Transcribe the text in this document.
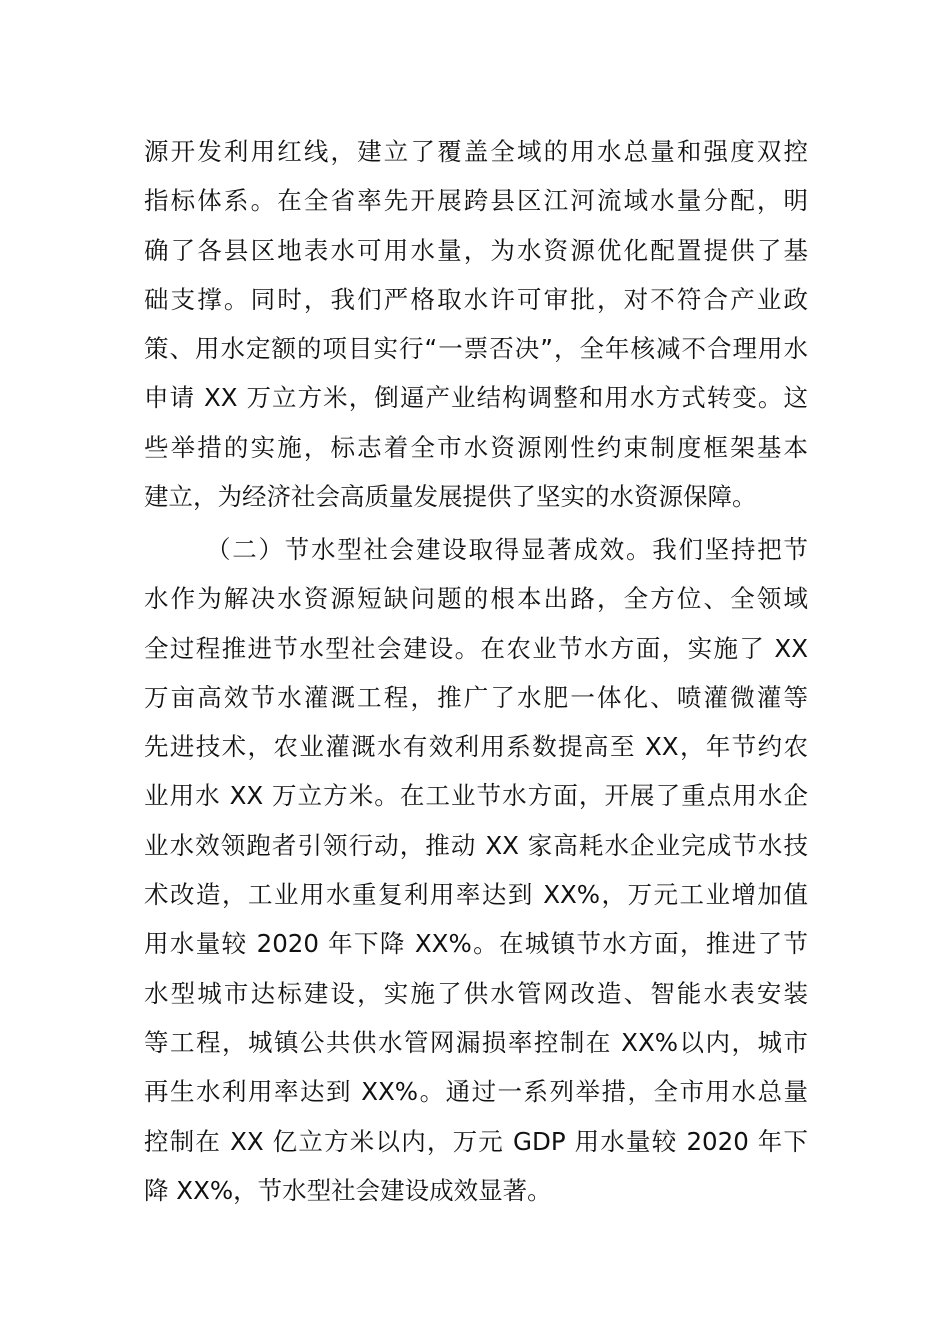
源开发利用红线，建立了覆盖全域的用水总量和强度双控
指标体系。在全省率先开展跨县区江河流域水量分配，明
确了各县区地表水可用水量，为水资源优化配置提供了基
础支撑。同时，我们严格取水许可审批，对不符合产业政
策、用水定额的项目实行“一票否决”，全年核减不合理用水
申请 XX 万立方米，倒逼产业结构调整和用水方式转变。这
些举措的实施，标志着全市水资源刚性约束制度框架基本
建立，为经济社会高质量发展提供了坚实的水资源保障。
（二）节水型社会建设取得显著成效。我们坚持把节
水作为解决水资源短缺问题的根本出路，全方位、全领域
全过程推进节水型社会建设。在农业节水方面，实施了 XX
万亩高效节水灌溉工程，推广了水肥一体化、喷灌微灌等
先进技术，农业灌溉水有效利用系数提高至 XX，年节约农
业用水 XX 万立方米。在工业节水方面，开展了重点用水企
业水效领跑者引领行动，推动 XX 家高耗水企业完成节水技
术改造，工业用水重复利用率达到 XX%，万元工业增加值
用水量较 2020 年下降 XX%。在城镇节水方面，推进了节
水型城市达标建设，实施了供水管网改造、智能水表安装
等工程，城镇公共供水管网漏损率控制在 XX%以内，城市
再生水利用率达到 XX%。通过一系列举措，全市用水总量
控制在 XX 亿立方米以内，万元 GDP 用水量较 2020 年下
降 XX%，节水型社会建设成效显著。
